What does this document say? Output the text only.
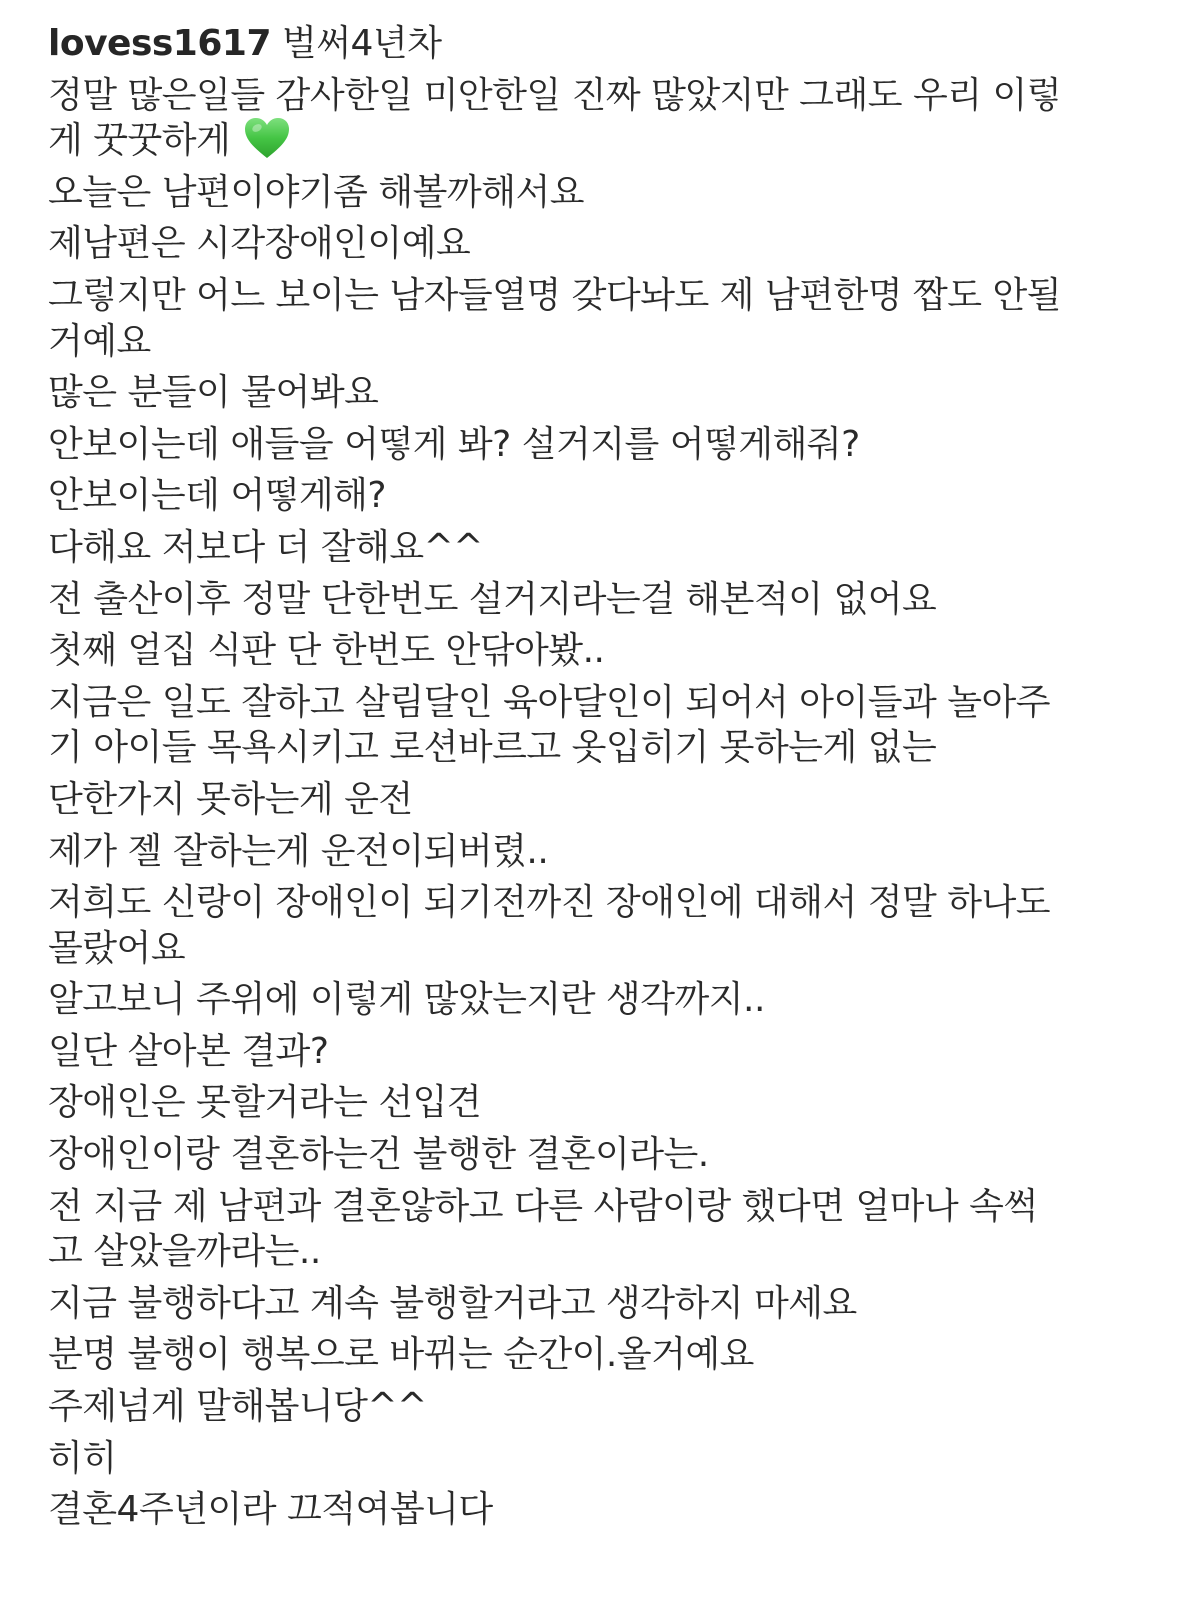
lovess1617 벌써4년차

정말 많은일들 감사한일 미안한일 진짜 많았지만 그래도 우리 이렇

게 꿋꿋하게

오늘은 남편이야기좀 해볼까해서요

제남편은 시각장애인이예요

그렇지만 어느 보이는 남자들열명 갖다놔도 제 남편한명 짭도 안될

거예요

많은 분들이 물어봐요

안보이는데 애들을 어떻게 봐? 설거지를 어떻게해줘?

안보이는데 어떻게해?

다해요 저보다 더 잘해요^^

전 출산이후 정말 단한번도 설거지라는걸 해본적이 없어요

첫째 얼집 식판 단 한번도 안닦아봤..

지금은 일도 잘하고 살림달인 육아달인이 되어서 아이들과 놀아주

기 아이들 목욕시키고 로션바르고 옷입히기 못하는게 없는

단한가지 못하는게 운전

제가 젤 잘하는게 운전이되버렸..

저희도 신랑이 장애인이 되기전까진 장애인에 대해서 정말 하나도

몰랐어요

알고보니 주위에 이렇게 많았는지란 생각까지..

일단 살아본 결과?

장애인은 못할거라는 선입견

장애인이랑 결혼하는건 불행한 결혼이라는.

전 지금 제 남편과 결혼않하고 다른 사람이랑 했다면 얼마나 속썩

고 살았을까라는..

지금 불행하다고 계속 불행할거라고 생각하지 마세요

분명 불행이 행복으로 바뀌는 순간이.올거예요

주제넘게 말해봅니당^^

히히

결혼4주년이라 끄적여봅니다
